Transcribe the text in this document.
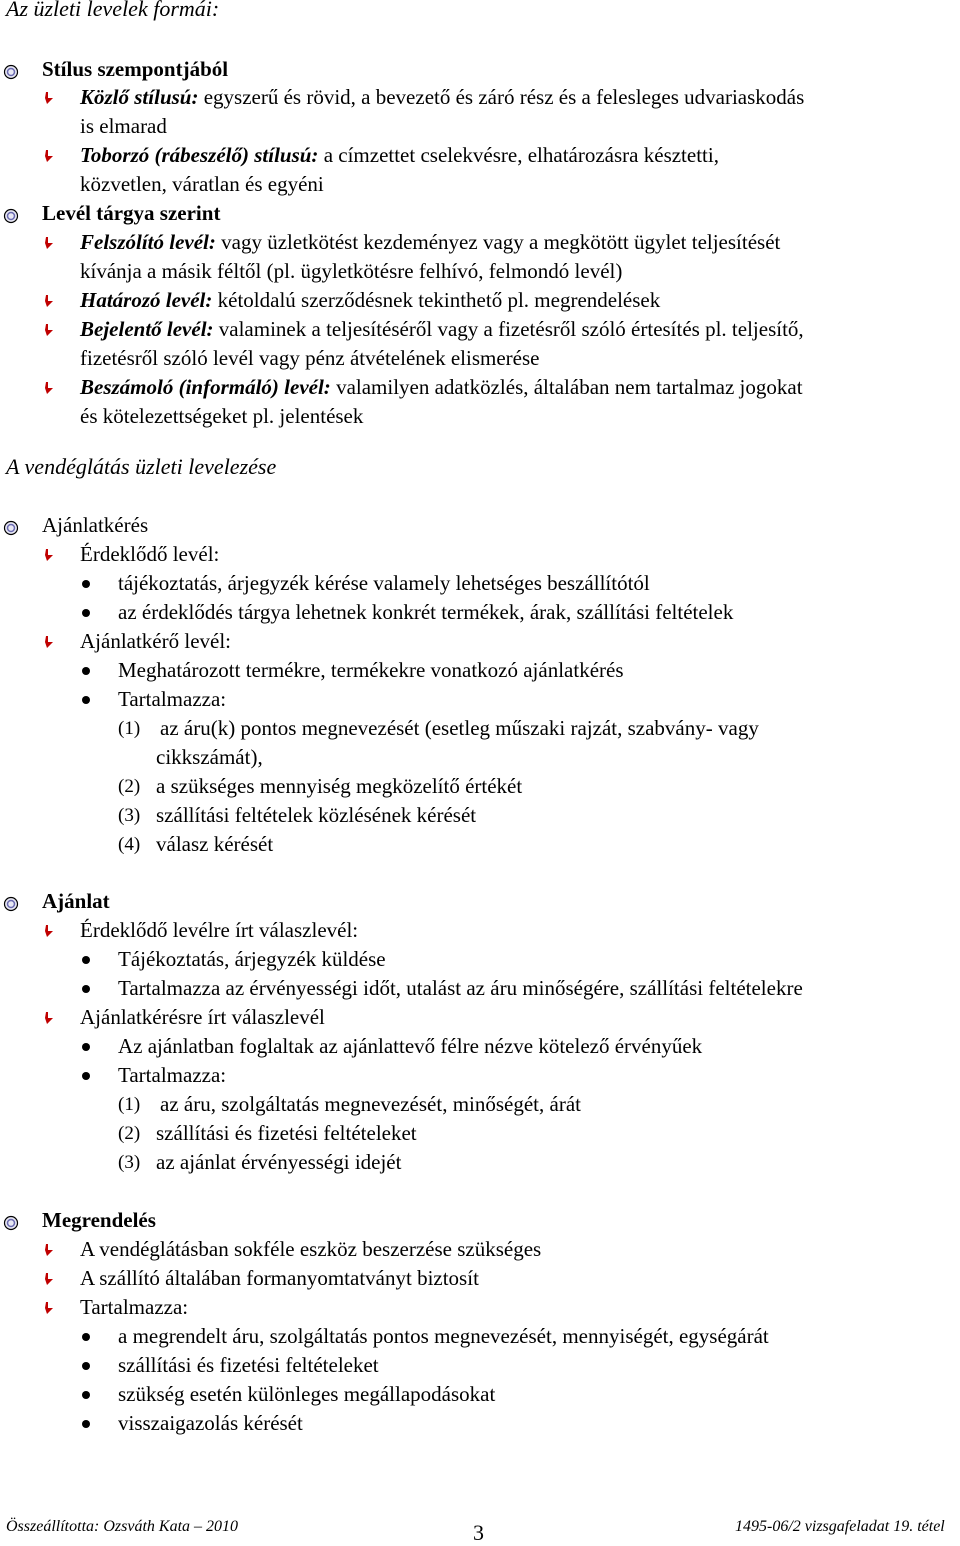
Az üzleti levelek formái:
Stílus szempontjából
Közlő stílusú: egyszerű és rövid, a bevezető és záró rész és a felesleges udvariaskodás
is elmarad
Toborzó (rábeszélő) stílusú: a címzettet cselekvésre, elhatározásra késztetti,
közvetlen, váratlan és egyéni
Levél tárgya szerint
Felszólító levél: vagy üzletkötést kezdeményez vagy a megkötött ügylet teljesítését
kívánja a másik féltől (pl. ügyletkötésre felhívó, felmondó levél)
Határozó levél: kétoldalú szerződésnek tekinthető pl. megrendelések
Bejelentő levél: valaminek a teljesítéséről vagy a fizetésről szóló értesítés pl. teljesítő,
fizetésről szóló levél vagy pénz átvételének elismerése
Beszámoló (informáló) levél: valamilyen adatközlés, általában nem tartalmaz jogokat
és kötelezettségeket pl. jelentések
A vendéglátás üzleti levelezése
Ajánlatkérés
Érdeklődő levél:
tájékoztatás, árjegyzék kérése valamely lehetséges beszállítótól
az érdeklődés tárgya lehetnek konkrét termékek, árak, szállítási feltételek
Ajánlatkérő levél:
Meghatározott termékre, termékekre vonatkozó ajánlatkérés
Tartalmazza:
(1) az áru(k) pontos megnevezését (esetleg műszaki rajzát, szabvány- vagy
cikkszámát),
(2) a szükséges mennyiség megközelítő értékét
(3) szállítási feltételek közlésének kérését
(4) válasz kérését
Ajánlat
Érdeklődő levélre írt válaszlevél:
Tájékoztatás, árjegyzék küldése
Tartalmazza az érvényességi időt, utalást az áru minőségére, szállítási feltételekre
Ajánlatkérésre írt válaszlevél
Az ajánlatban foglaltak az ajánlattevő félre nézve kötelező érvényűek
Tartalmazza:
(1) az áru, szolgáltatás megnevezését, minőségét, árát
(2) szállítási és fizetési feltételeket
(3) az ajánlat érvényességi idejét
Megrendelés
A vendéglátásban sokféle eszköz beszerzése szükséges
A szállító általában formanyomtatványt biztosít
Tartalmazza:
a megrendelt áru, szolgáltatás pontos megnevezését, mennyiségét, egységárát
szállítási és fizetési feltételeket
szükség esetén különleges megállapodásokat
visszaigazolás kérését
Összeállította: Ozsváth Kata – 2010	3	1495-06/2 vizsgafeladat 19. tétel
